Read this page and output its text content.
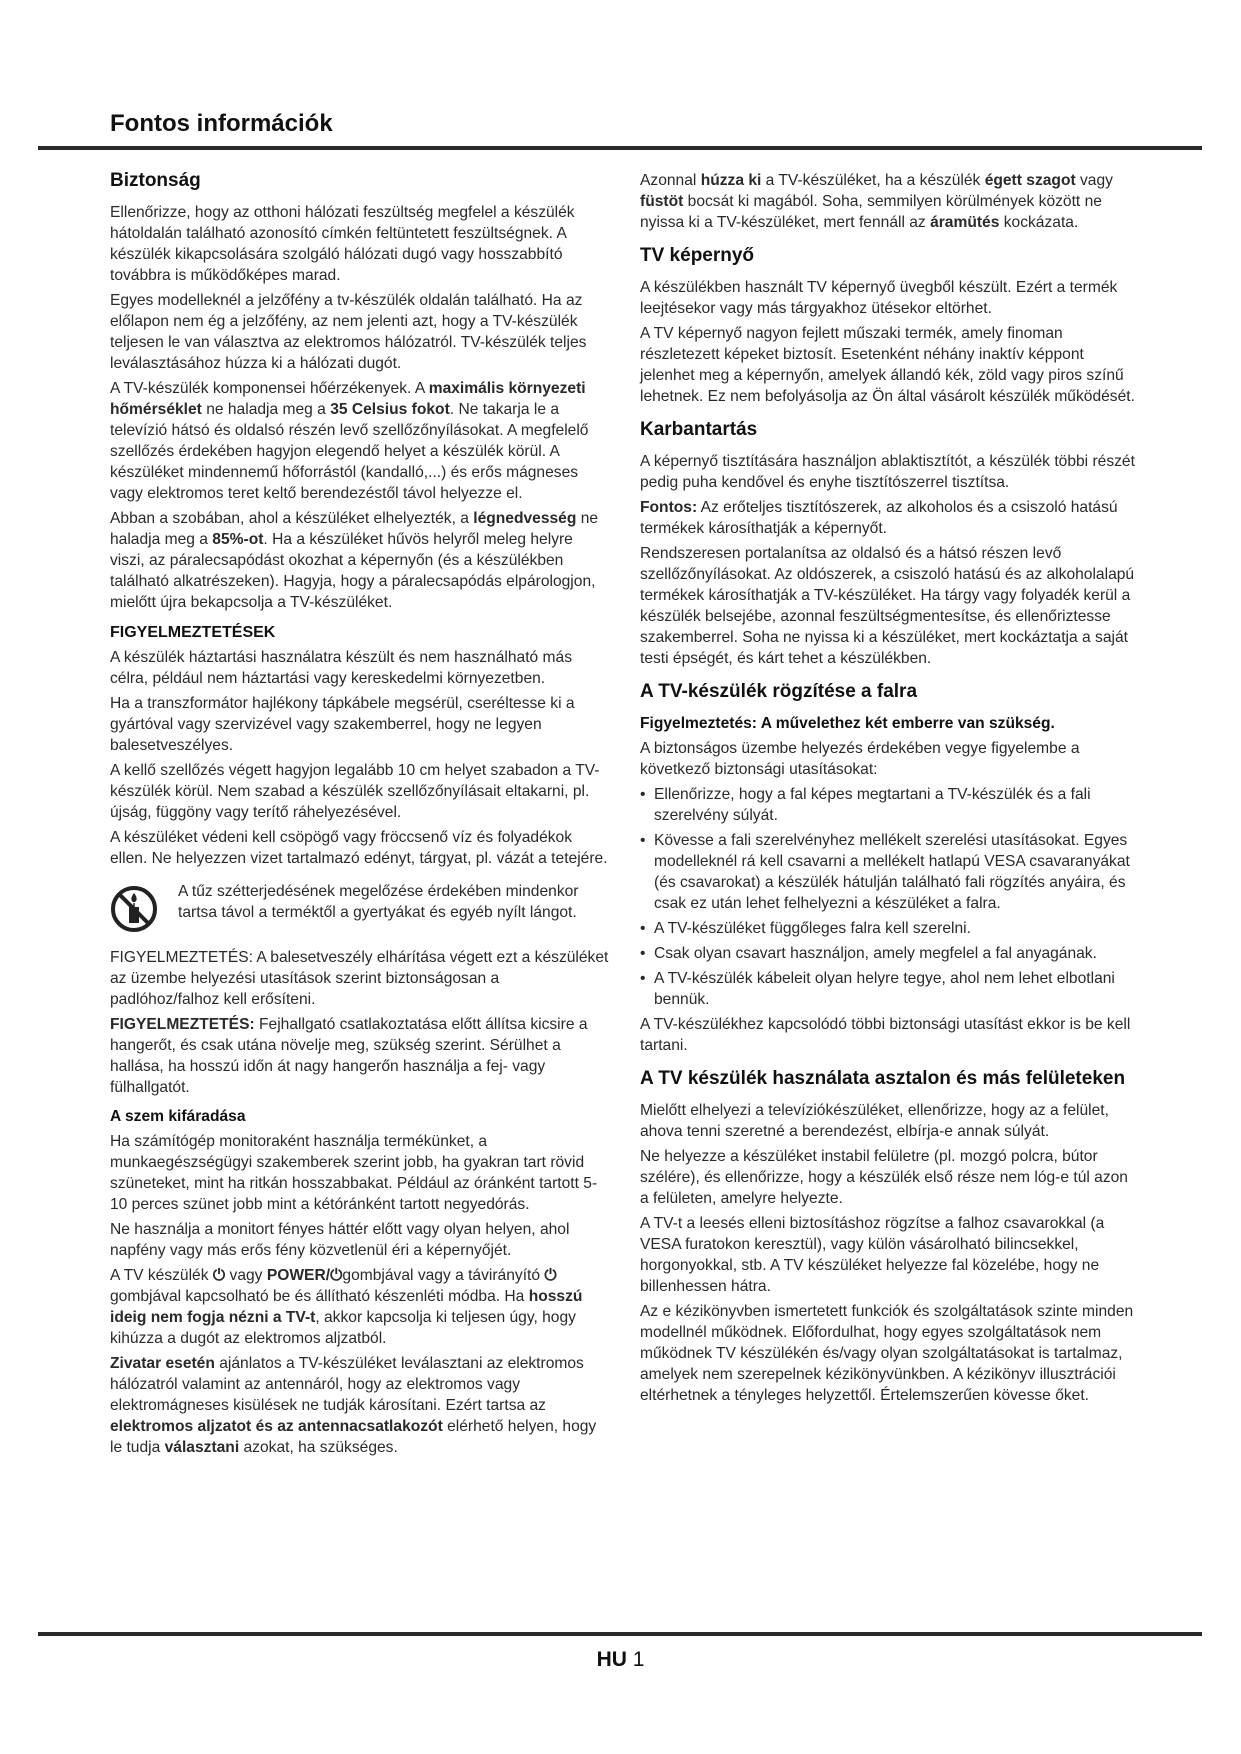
Fontos információk
Biztonság

Ellenőrizze, hogy az otthoni hálózati feszültség megfelel a készülék hátoldalán található azonosító címkén feltüntetett feszültségnek. A készülék kikapcsolására szolgáló hálózati dugó vagy hosszabbító továbbra is működőképes marad.

Egyes modelleknél a jelzőfény a tv-készülék oldalán található. Ha az előlapon nem ég a jelzőfény, az nem jelenti azt, hogy a TV-készülék teljesen le van választva az elektromos hálózatról. TV-készülék teljes leválasztásához húzza ki a hálózati dugót.

A TV-készülék komponensei hőérzékenyek. A maximális környezeti hőmérséklet ne haladja meg a 35 Celsius fokot. Ne takarja le a televízió hátsó és oldalsó részén levő szellőzőnyílásokat. A megfelelő szellőzés érdekében hagyjon elegendő helyet a készülék körül. A készüléket mindennemű hőforrástól (kandalló,...) és erős mágneses vagy elektromos teret keltő berendezéstől távol helyezze el.

Abban a szobában, ahol a készüléket elhelyezték, a légnedvesség ne haladja meg a 85%-ot. Ha a készüléket hűvös helyről meleg helyre viszi, az páralecsapódást okozhat a képernyőn (és a készülékben található alkatrészeken). Hagyja, hogy a páralecsapódás elpárologjon, mielőtt újra bekapcsolja a TV-készüléket.

FIGYELMEZTETÉSEK

A készülék háztartási használatra készült és nem használható más célra, például nem háztartási vagy kereskedelmi környezetben.

Ha a transzformátor hajlékony tápkábele megsérül, cseréltesse ki a gyártóval vagy szervizével vagy szakemberrel, hogy ne legyen balesetveszélyes.

A kellő szellőzés végett hagyjon legalább 10 cm helyet szabadon a TV-készülék körül. Nem szabad a készülék szellőzőnyílásait eltakarni, pl. újság, függöny vagy terítő ráhelyezésével.

A készüléket védeni kell csöpögő vagy fröccsenő víz és folyadékok ellen. Ne helyezzen vizet tartalmazó edényt, tárgyat, pl. vázát a tetejére.

A tűz szétterjedésének megelőzése érdekében mindenkor tartsa távol a terméktől a gyertyákat és egyéb nyílt lángot.

FIGYELMEZTETÉS: A balesetveszély elhárítása végett ezt a készüléket az üzembe helyezési utasítások szerint biztonságosan a padlóhoz/falhoz kell erősíteni.

FIGYELMEZTETÉS: Fejhallgató csatlakoztatása előtt állítsa kicsire a hangerőt, és csak utána növelje meg, szükség szerint. Sérülhet a hallása, ha hosszú időn át nagy hangerőn használja a fej- vagy fülhallgatót.

A szem kifáradása

Ha számítógép monitoraként használja termékünket, a munkaegészségügyi szakemberek szerint jobb, ha gyakran tart rövid szüneteket, mint ha ritkán hosszabbakat. Például az óránként tartott 5-10 perces szünet jobb mint a kétóránként tartott negyedórás.

Ne használja a monitort fényes háttér előtt vagy olyan helyen, ahol napfény vagy más erős fény közvetlenül éri a képernyőjét.

A TV készülék ⏻ vagy POWER/⏻gombjával vagy a távirányító ⏻ gombjával kapcsolható be és állítható készenléti módba. Ha hosszú ideig nem fogja nézni a TV-t, akkor kapcsolja ki teljesen úgy, hogy kihúzza a dugót az elektromos aljzatból.

Zivatar esetén ajánlatos a TV-készüléket leválasztani az elektromos hálózatról valamint az antennáról, hogy az elektromos vagy elektromágneses kisülések ne tudják károsítani. Ezért tartsa az elektromos aljzatot és az antennacsatlakozót elérhető helyen, hogy le tudja választani azokat, ha szükséges.

Azonnal húzza ki a TV-készüléket, ha a készülék égett szagot vagy füstöt bocsát ki magából. Soha, semmilyen körülmények között ne nyissa ki a TV-készüléket, mert fennáll az áramütés kockázata.

TV képernyő

A készülékben használt TV képernyő üvegből készült. Ezért a termék leejtésekor vagy más tárgyakhoz ütésekor eltörhet.

A TV képernyő nagyon fejlett műszaki termék, amely finoman részletezett képeket biztosít. Esetenként néhány inaktív képpont jelenhet meg a képernyőn, amelyek állandó kék, zöld vagy piros színű lehetnek. Ez nem befolyásolja az Ön által vásárolt készülék működését.

Karbantartás

A képernyő tisztítására használjon ablaktisztítót, a készülék többi részét pedig puha kendővel és enyhe tisztítószerrel tisztítsa.

Fontos: Az erőteljes tisztítószerek, az alkoholos és a csiszoló hatású termékek károsíthatják a képernyőt.

Rendszeresen portalanítsa az oldalsó és a hátsó részen levő szellőzőnyílásokat. Az oldószerek, a csiszoló hatású és az alkoholalapú termékek károsíthatják a TV-készüléket. Ha tárgy vagy folyadék kerül a készülék belsejébe, azonnal feszültségmentesítse, és ellenőriztesse szakemberrel. Soha ne nyissa ki a készüléket, mert kockáztatja a saját testi épségét, és kárt tehet a készülékben.

A TV-készülék rögzítése a falra

Figyelmeztetés: A művelethez két emberre van szükség.

A biztonságos üzembe helyezés érdekében vegye figyelembe a következő biztonsági utasításokat:

• Ellenőrizze, hogy a fal képes megtartani a TV-készülék és a fali szerelvény súlyát.
• Kövesse a fali szerelvényhez mellékelt szerelési utasításokat. Egyes modelleknél rá kell csavarni a mellékelt hatlapú VESA csavaranyákat (és csavarokat) a készülék hátulján található fali rögzítés anyáira, és csak ez után lehet felhelyezni a készüléket a falra.
• A TV-készüléket függőleges falra kell szerelni.
• Csak olyan csavart használjon, amely megfelel a fal anyagának.
• A TV-készülék kábeleit olyan helyre tegye, ahol nem lehet elbotlani bennük.

A TV-készülékhez kapcsolódó többi biztonsági utasítást ekkor is be kell tartani.

A TV készülék használata asztalon és más felületeken

Mielőtt elhelyezi a televíziókészüléket, ellenőrizze, hogy az a felület, ahova tenni szeretné a berendezést, elbírja-e annak súlyát.

Ne helyezze a készüléket instabil felületre (pl. mozgó polcra, bútor szélére), és ellenőrizze, hogy a készülék első része nem lóg-e túl azon a felületen, amelyre helyezte.

A TV-t a leesés elleni biztosításhoz rögzítse a falhoz csavarokkal (a VESA furatokon keresztül), vagy külön vásárolható bilincsekkel, horgonyokkal, stb. A TV készüléket helyezze fal közelébe, hogy ne billenhessen hátra.

Az e kézikönyvben ismertetett funkciók és szolgáltatások szinte minden modellnél működnek. Előfordulhat, hogy egyes szolgáltatások nem működnek TV készülékén és/vagy olyan szolgáltatásokat is tartalmaz, amelyek nem szerepelnek kézikönyvünkben. A kézikönyv illusztrációi eltérhetnek a tényleges helyzettől. Értelemszerűen kövesse őket.

HU 1
